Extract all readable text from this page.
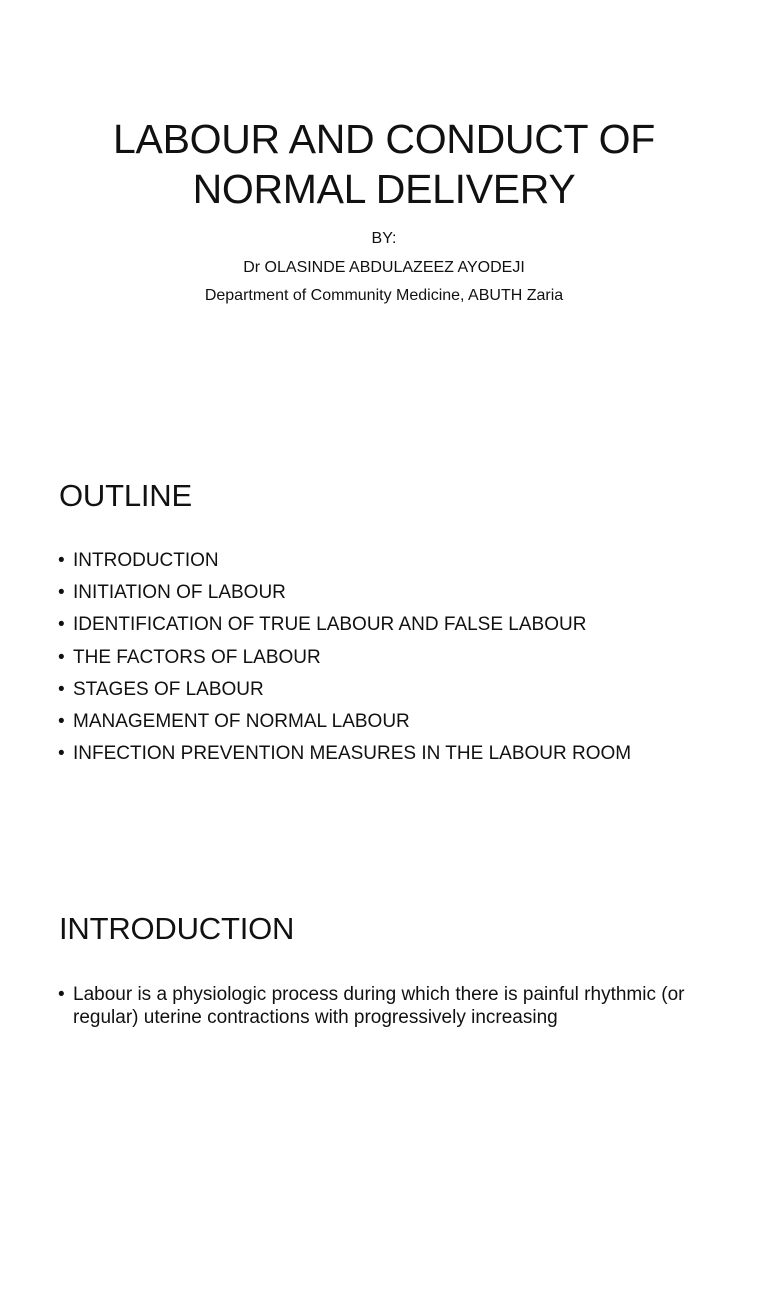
LABOUR AND CONDUCT OF
NORMAL DELIVERY
BY:
Dr OLASINDE ABDULAZEEZ AYODEJI
Department of Community Medicine, ABUTH Zaria
OUTLINE
• INTRODUCTION
• INITIATION OF LABOUR
• IDENTIFICATION OF TRUE LABOUR AND FALSE LABOUR
• THE FACTORS OF LABOUR
• STAGES OF LABOUR
• MANAGEMENT OF NORMAL LABOUR
• INFECTION PREVENTION MEASURES IN THE LABOUR ROOM
INTRODUCTION
• Labour is a physiologic process during which there is painful rhythmic (or regular) uterine contractions with progressively increasing
